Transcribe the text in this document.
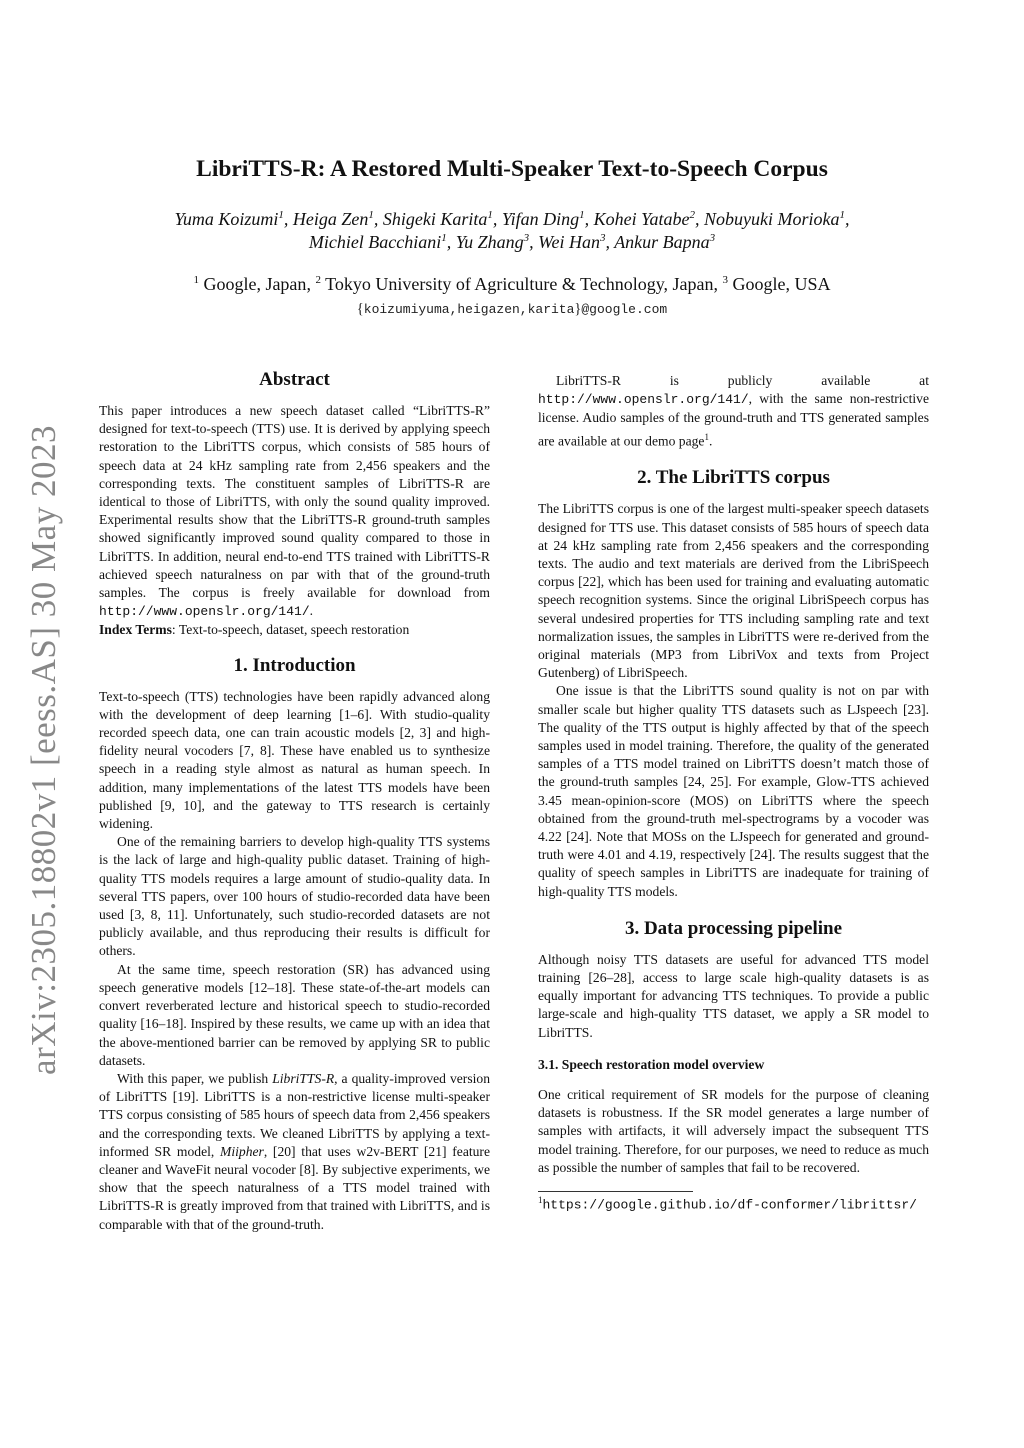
arXiv:2305.18802v1 [eess.AS] 30 May 2023
LibriTTS-R: A Restored Multi-Speaker Text-to-Speech Corpus
Yuma Koizumi$^1$, Heiga Zen$^1$, Shigeki Karita$^1$, Yifan Ding$^1$, Kohei Yatabe$^2$, Nobuyuki Morioka$^1$,
Michiel Bacchiani$^1$, Yu Zhang$^3$, Wei Han$^3$, Ankur Bapna$^3$
$^1$ Google, Japan, $^2$ Tokyo University of Agriculture & Technology, Japan, $^3$ Google, USA
{koizumiyuma,heigazen,karita}@google.com
Abstract

This paper introduces a new speech dataset called “LibriTTS-R” designed for text-to-speech (TTS) use. It is derived by applying speech restoration to the LibriTTS corpus, which consists of 585 hours of speech data at 24 kHz sampling rate from 2,456 speakers and the corresponding texts. The constituent samples of LibriTTS-R are identical to those of LibriTTS, with only the sound quality improved. Experimental results show that the LibriTTS-R ground-truth samples showed significantly improved sound quality compared to those in LibriTTS. In addition, neural end-to-end TTS trained with LibriTTS-R achieved speech naturalness on par with that of the ground-truth samples. The corpus is freely available for download from http://www.openslr.org/141/.

Index Terms: Text-to-speech, dataset, speech restoration

1. Introduction

Text-to-speech (TTS) technologies have been rapidly advanced along with the development of deep learning [1–6]. With studio-quality recorded speech data, one can train acoustic models [2, 3] and high-fidelity neural vocoders [7, 8]. These have enabled us to synthesize speech in a reading style almost as natural as human speech. In addition, many implementations of the latest TTS models have been published [9, 10], and the gateway to TTS research is certainly widening.

One of the remaining barriers to develop high-quality TTS systems is the lack of large and high-quality public dataset. Training of high-quality TTS models requires a large amount of studio-quality data. In several TTS papers, over 100 hours of studio-recorded data have been used [3, 8, 11]. Unfortunately, such studio-recorded datasets are not publicly available, and thus reproducing their results is difficult for others.

At the same time, speech restoration (SR) has advanced using speech generative models [12–18]. These state-of-the-art models can convert reverberated lecture and historical speech to studio-recorded quality [16–18]. Inspired by these results, we came up with an idea that the above-mentioned barrier can be removed by applying SR to public datasets.

With this paper, we publish LibriTTS-R, a quality-improved version of LibriTTS [19]. LibriTTS is a non-restrictive license multi-speaker TTS corpus consisting of 585 hours of speech data from 2,456 speakers and the corresponding texts. We cleaned LibriTTS by applying a text-informed SR model, Miipher, [20] that uses w2v-BERT [21] feature cleaner and WaveFit neural vocoder [8]. By subjective experiments, we show that the speech naturalness of a TTS model trained with LibriTTS-R is greatly improved from that trained with LibriTTS, and is comparable with that of the ground-truth.

LibriTTS-R is publicly available at http://www.openslr.org/141/, with the same non-restrictive license. Audio samples of the ground-truth and TTS generated samples are available at our demo page$^1$.

2. The LibriTTS corpus

The LibriTTS corpus is one of the largest multi-speaker speech datasets designed for TTS use. This dataset consists of 585 hours of speech data at 24 kHz sampling rate from 2,456 speakers and the corresponding texts. The audio and text materials are derived from the LibriSpeech corpus [22], which has been used for training and evaluating automatic speech recognition systems. Since the original LibriSpeech corpus has several undesired properties for TTS including sampling rate and text normalization issues, the samples in LibriTTS were re-derived from the original materials (MP3 from LibriVox and texts from Project Gutenberg) of LibriSpeech.

One issue is that the LibriTTS sound quality is not on par with smaller scale but higher quality TTS datasets such as LJspeech [23]. The quality of the TTS output is highly affected by that of the speech samples used in model training. Therefore, the quality of the generated samples of a TTS model trained on LibriTTS doesn’t match those of the ground-truth samples [24, 25]. For example, Glow-TTS achieved 3.45 mean-opinion-score (MOS) on LibriTTS where the speech obtained from the ground-truth mel-spectrograms by a vocoder was 4.22 [24]. Note that MOSs on the LJspeech for generated and ground-truth were 4.01 and 4.19, respectively [24]. The results suggest that the quality of speech samples in LibriTTS are inadequate for training of high-quality TTS models.

3. Data processing pipeline

Although noisy TTS datasets are useful for advanced TTS model training [26–28], access to large scale high-quality datasets is as equally important for advancing TTS techniques. To provide a public large-scale and high-quality TTS dataset, we apply a SR model to LibriTTS.

3.1. Speech restoration model overview

One critical requirement of SR models for the purpose of cleaning datasets is robustness. If the SR model generates a large number of samples with artifacts, it will adversely impact the subsequent TTS model training. Therefore, for our purposes, we need to reduce as much as possible the number of samples that fail to be recovered.

$^1$https://google.github.io/df-conformer/librittsr/
